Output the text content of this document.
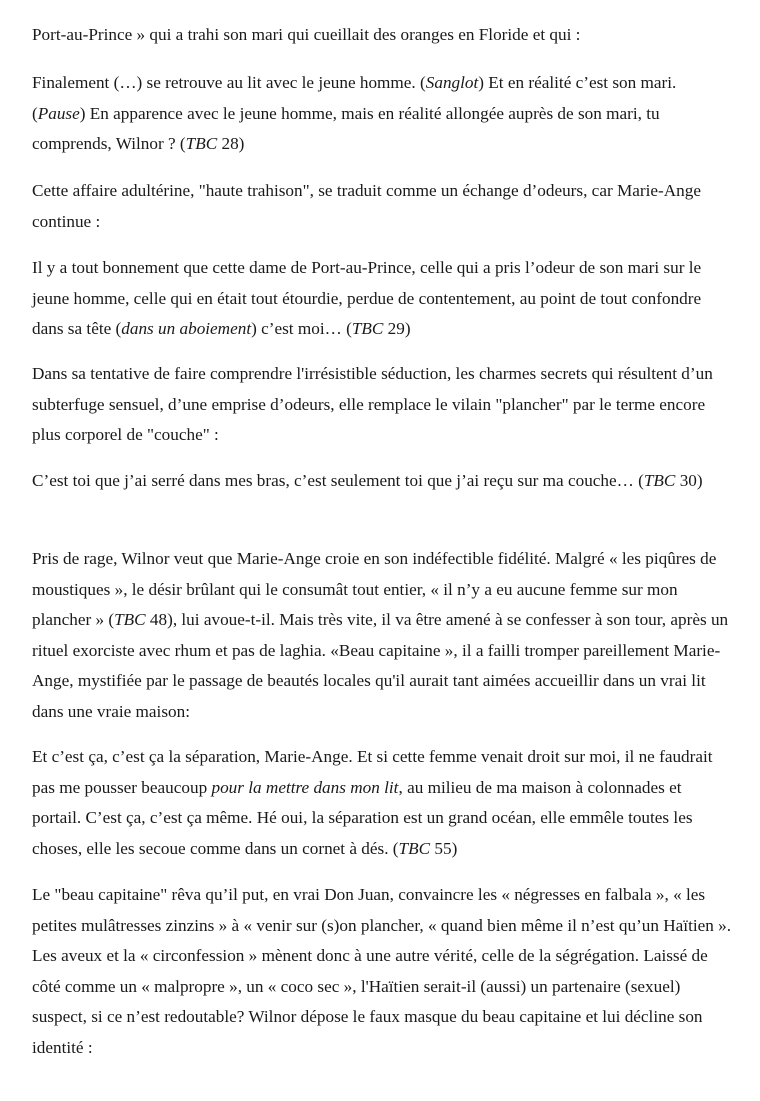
Port-au-Prince » qui a trahi son mari qui cueillait des oranges en Floride et qui :

Finalement (…) se retrouve au lit avec le jeune homme. (Sanglot) Et en réalité c’est son mari. (Pause) En apparence avec le jeune homme, mais en réalité allongée auprès de son mari, tu comprends, Wilnor ? (TBC 28)

Cette affaire adultérine, "haute trahison", se traduit comme un échange d’odeurs, car Marie-Ange continue :

Il y a tout bonnement que cette dame de Port-au-Prince, celle qui a pris l’odeur de son mari sur le jeune homme, celle qui en était tout étourdie, perdue de contentement, au point de tout confondre dans sa tête (dans un aboiement) c’est moi… (TBC 29)

Dans sa tentative de faire comprendre l'irrésistible séduction, les charmes secrets qui résultent d’un subterfuge sensuel, d’une emprise d’odeurs, elle remplace le vilain "plancher" par le terme encore plus corporel de "couche" :

C’est toi que j’ai serré dans mes bras, c’est seulement toi que j’ai reçu sur ma couche… (TBC 30)

Pris de rage, Wilnor veut que Marie-Ange croie en son indéfectible fidélité. Malgré « les piqûres de moustiques », le désir brûlant qui le consumât tout entier, « il n’y a eu aucune femme sur mon plancher » (TBC 48), lui avoue-t-il. Mais très vite, il va être amené à se confesser à son tour, après un rituel exorciste avec rhum et pas de laghia. «Beau capitaine », il a failli tromper pareillement Marie-Ange, mystifiée par le passage de beautés locales qu'il aurait tant aimées accueillir dans un vrai lit dans une vraie maison:

Et c’est ça, c’est ça la séparation, Marie-Ange. Et si cette femme venait droit sur moi, il ne faudrait pas me pousser beaucoup pour la mettre dans mon lit, au milieu de ma maison à colonnades et portail. C’est ça, c’est ça même. Hé oui, la séparation est un grand océan, elle emmêle toutes les choses, elle les secoue comme dans un cornet à dés. (TBC 55)

Le "beau capitaine" rêva qu’il put, en vrai Don Juan, convaincre les « négresses en falbala », « les petites mulâtresses zinzins » à « venir sur (s)on plancher, « quand bien même il n’est qu’un Haïtien ». Les aveux et la « circonfession » mènent donc à une autre vérité, celle de la ségrégation. Laissé de côté comme un « malpropre », un « coco sec », l'Haïtien serait-il (aussi) un partenaire (sexuel) suspect, si ce n’est redoutable? Wilnor dépose le faux masque du beau capitaine et lui décline son identité :
